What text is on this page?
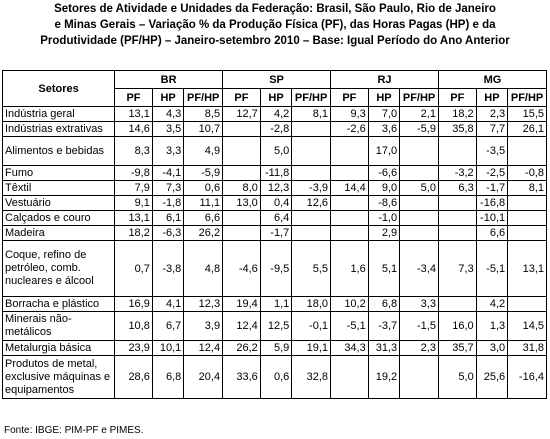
Setores de Atividade e Unidades da Federação: Brasil, São Paulo, Rio de Janeiro
e Minas Gerais – Variação % da Produção Física (PF), das Horas Pagas (HP) e da
Produtividade (PF/HP) – Janeiro-setembro 2010 – Base: Igual Período do Ano Anterior
Setores	BR			SP			RJ			MG		
	PF	HP	PF/HP	PF	HP	PF/HP	PF	HP	PF/HP	PF	HP	PF/HP
Indústria geral	13,1	4,3	8,5	12,7	4,2	8,1	9,3	7,0	2,1	18,2	2,3	15,5
Indústrias extrativas	14,6	3,5	10,7		-2,8		-2,6	3,6	-5,9	35,8	7,7	26,1
Alimentos e bebidas	8,3	3,3	4,9		5,0			17,0			-3,5	
Fumo	-9,8	-4,1	-5,9		-11,8			-6,6		-3,2	-2,5	-0,8
Têxtil	7,9	7,3	0,6	8,0	12,3	-3,9	14,4	9,0	5,0	6,3	-1,7	8,1
Vestuário	9,1	-1,8	11,1	13,0	0,4	12,6		-8,6			-16,8	
Calçados e couro	13,1	6,1	6,6		6,4			-1,0			-10,1	
Madeira	18,2	-6,3	26,2		-1,7			2,9			6,6	
Coque, refino de petróleo, comb. nucleares e álcool	0,7	-3,8	4,8	-4,6	-9,5	5,5	1,6	5,1	-3,4	7,3	-5,1	13,1
Borracha e plástico	16,9	4,1	12,3	19,4	1,1	18,0	10,2	6,8	3,3		4,2	
Minerais não-metálicos	10,8	6,7	3,9	12,4	12,5	-0,1	-5,1	-3,7	-1,5	16,0	1,3	14,5
Metalurgia básica	23,9	10,1	12,4	26,2	5,9	19,1	34,3	31,3	2,3	35,7	3,0	31,8
Produtos de metal, exclusive máquinas e equipamentos	28,6	6,8	20,4	33,6	0,6	32,8		19,2		5,0	25,6	-16,4
Fonte: IBGE: PIM-PF e PIMES.
